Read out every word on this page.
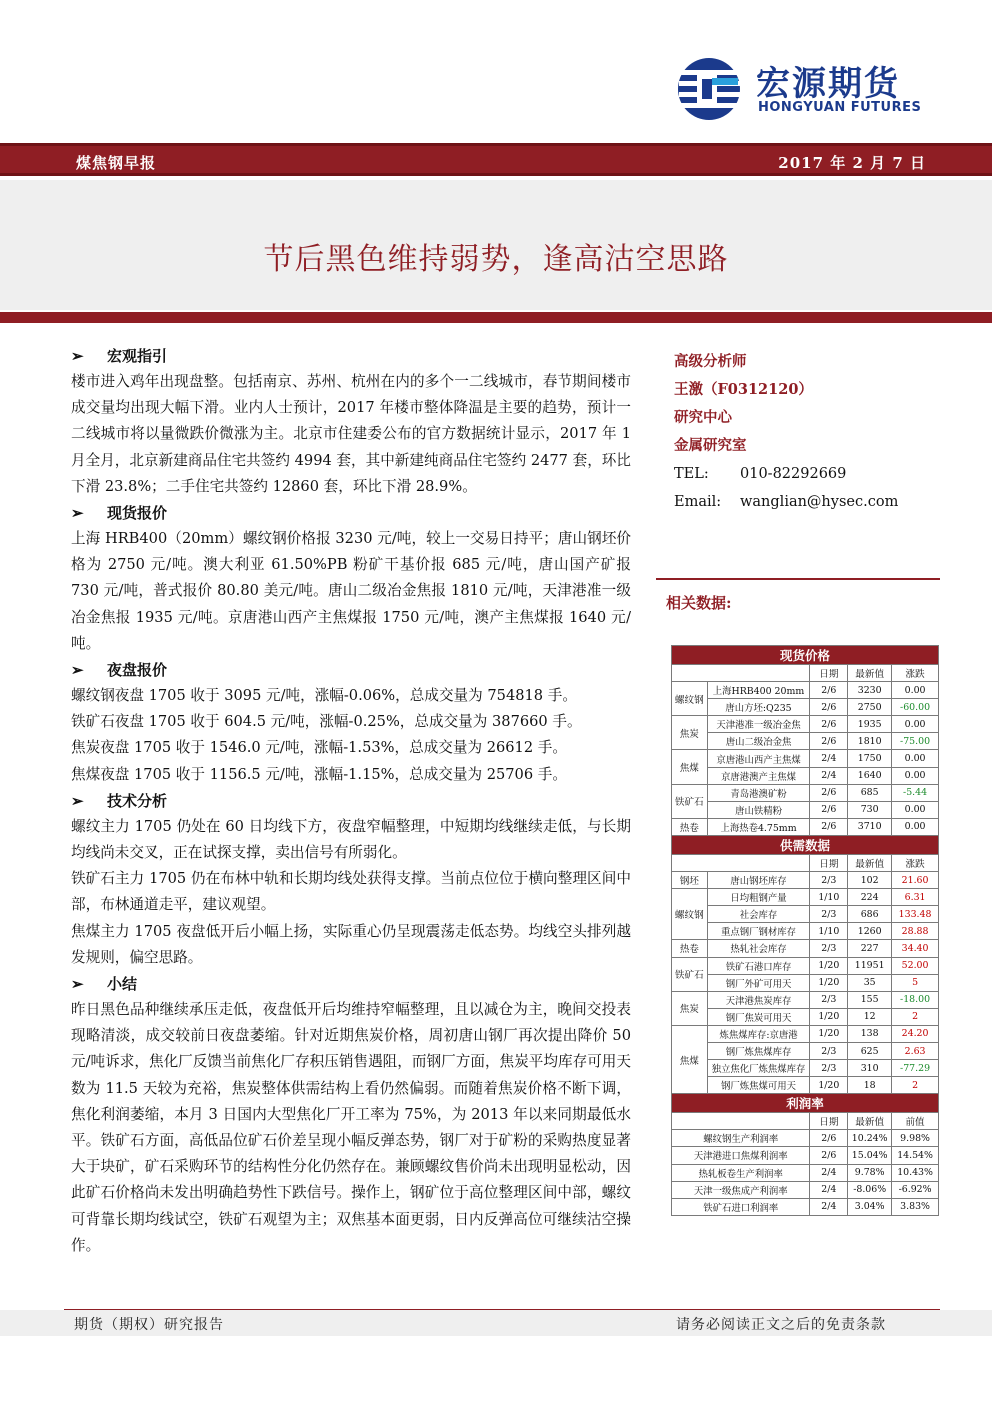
宏源期货
HONGYUAN FUTURES
煤焦钢早报	2017 年 2 月 7 日
节后黑色维持弱势，逢高沽空思路
➢ 宏观指引

楼市进入鸡年出现盘整。包括南京、苏州、杭州在内的多个一二线城市，春节期间楼市成交量均出现大幅下滑。业内人士预计，2017 年楼市整体降温是主要的趋势，预计一二线城市将以量微跌价微涨为主。北京市住建委公布的官方数据统计显示，2017 年 1 月全月，北京新建商品住宅共签约 4994 套，其中新建纯商品住宅签约 2477 套，环比下滑 23.8%；二手住宅共签约 12860 套，环比下滑 28.9%。

➢ 现货报价

上海 HRB400（20mm）螺纹钢价格报 3230 元/吨，较上一交易日持平；唐山钢坯价格为 2750 元/吨。澳大利亚 61.50%PB 粉矿干基价报 685 元/吨，唐山国产矿报 730 元/吨，普式报价 80.80 美元/吨。唐山二级冶金焦报 1810 元/吨，天津港准一级冶金焦报 1935 元/吨。京唐港山西产主焦煤报 1750 元/吨，澳产主焦煤报 1640 元/吨。

➢ 夜盘报价

螺纹钢夜盘 1705 收于 3095 元/吨，涨幅-0.06%，总成交量为 754818 手。

铁矿石夜盘 1705 收于 604.5 元/吨，涨幅-0.25%，总成交量为 387660 手。

焦炭夜盘 1705 收于 1546.0 元/吨，涨幅-1.53%，总成交量为 26612 手。

焦煤夜盘 1705 收于 1156.5 元/吨，涨幅-1.15%，总成交量为 25706 手。

➢ 技术分析

螺纹主力 1705 仍处在 60 日均线下方，夜盘窄幅整理，中短期均线继续走低，与长期均线尚未交叉，正在试探支撑，卖出信号有所弱化。

铁矿石主力 1705 仍在布林中轨和长期均线处获得支撑。当前点位位于横向整理区间中部，布林通道走平，建议观望。

焦煤主力 1705 夜盘低开后小幅上扬，实际重心仍呈现震荡走低态势。均线空头排列越发规则，偏空思路。

➢ 小结

昨日黑色品种继续承压走低，夜盘低开后均维持窄幅整理，且以减仓为主，晚间交投表现略清淡，成交较前日夜盘萎缩。针对近期焦炭价格，周初唐山钢厂再次提出降价 50 元/吨诉求，焦化厂反馈当前焦化厂存积压销售遇阻，而钢厂方面，焦炭平均库存可用天数为 11.5 天较为充裕，焦炭整体供需结构上看仍然偏弱。而随着焦炭价格不断下调，焦化利润萎缩，本月 3 日国内大型焦化厂开工率为 75%，为 2013 年以来同期最低水平。铁矿石方面，高低品位矿石价差呈现小幅反弹态势，钢厂对于矿粉的采购热度显著大于块矿，矿石采购环节的结构性分化仍然存在。兼顾螺纹售价尚未出现明显松动，因此矿石价格尚未发出明确趋势性下跌信号。操作上，钢矿位于高位整理区间中部，螺纹可背靠长期均线试空，铁矿石观望为主；双焦基本面更弱，日内反弹高位可继续沽空操作。

高级分析师
王激（F0312120）
研究中心
金属研究室
TEL: 010-82292669
Email: wanglian@hysec.com
相关数据:
现货价格				
		日期	最新值	涨跌
螺纹钢	上海HRB400 20mm	2/6	3230	0.00
	唐山方坯:Q235	2/6	2750	-60.00
焦炭	天津港准一级冶金焦	2/6	1935	0.00
	唐山二级冶金焦	2/6	1810	-75.00
焦煤	京唐港山西产主焦煤	2/4	1750	0.00
	京唐港澳产主焦煤	2/4	1640	0.00
铁矿石	青岛港澳矿粉	2/6	685	-5.44
	唐山铁精粉	2/6	730	0.00
热卷	上海热卷4.75mm	2/6	3710	0.00
供需数据				
		日期	最新值	涨跌
钢坯	唐山钢坯库存	2/3	102	21.60
螺纹钢	日均粗钢产量	1/10	224	6.31
	社会库存	2/3	686	133.48
	重点钢厂钢材库存	1/10	1260	28.88
热卷	热轧社会库存	2/3	227	34.40
铁矿石	铁矿石港口库存	1/20	11951	52.00
	钢厂外矿可用天	1/20	35	5
焦炭	天津港焦炭库存	2/3	155	-18.00
	钢厂焦炭可用天	1/20	12	2
焦煤	炼焦煤库存:京唐港	1/20	138	24.20
	钢厂炼焦煤库存	2/3	625	2.63
	独立焦化厂炼焦煤库存	2/3	310	-77.29
	钢厂炼焦煤可用天	1/20	18	2
利润率				
		日期	最新值	前值
螺纹钢生产利润率		2/6	10.24%	9.98%
天津港进口焦煤利润率		2/6	15.04%	14.54%
热轧板卷生产利润率		2/4	9.78%	10.43%
天津一级焦成产利润率		2/4	-8.06%	-6.92%
铁矿石进口利润率		2/4	3.04%	3.83%
期货（期权）研究报告	请务必阅读正文之后的免责条款
